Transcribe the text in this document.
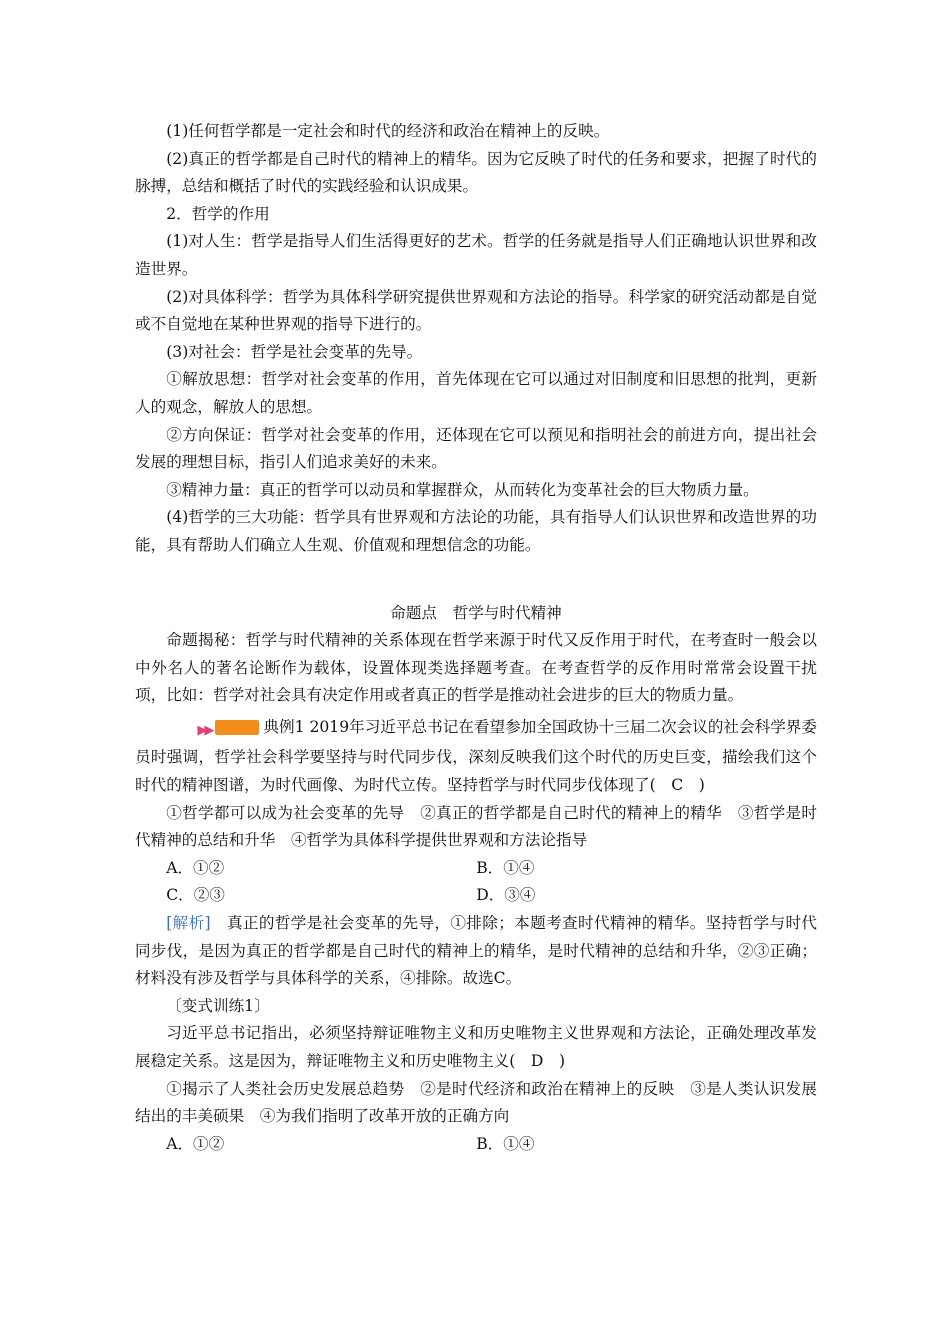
(1)任何哲学都是一定社会和时代的经济和政治在精神上的反映。

(2)真正的哲学都是自己时代的精神上的精华。因为它反映了时代的任务和要求，把握了时代的脉搏，总结和概括了时代的实践经验和认识成果。

2．哲学的作用

(1)对人生：哲学是指导人们生活得更好的艺术。哲学的任务就是指导人们正确地认识世界和改造世界。

(2)对具体科学：哲学为具体科学研究提供世界观和方法论的指导。科学家的研究活动都是自觉或不自觉地在某种世界观的指导下进行的。

(3)对社会：哲学是社会变革的先导。

①解放思想：哲学对社会变革的作用，首先体现在它可以通过对旧制度和旧思想的批判，更新人的观念，解放人的思想。

②方向保证：哲学对社会变革的作用，还体现在它可以预见和指明社会的前进方向，提出社会发展的理想目标，指引人们追求美好的未来。

③精神力量：真正的哲学可以动员和掌握群众，从而转化为变革社会的巨大物质力量。

(4)哲学的三大功能：哲学具有世界观和方法论的功能，具有指导人们认识世界和改造世界的功能，具有帮助人们确立人生观、价值观和理想信念的功能。

命题点　哲学与时代精神

命题揭秘：哲学与时代精神的关系体现在哲学来源于时代又反作用于时代，在考查时一般会以中外名人的著名论断作为载体，设置体现类选择题考查。在考查哲学的反作用时常常会设置干扰项，比如：哲学对社会具有决定作用或者真正的哲学是推动社会进步的巨大的物质力量。

▶▶	典例1 2019年习近平总书记在看望参加全国政协十三届二次会议的社会科学界委员时强调，哲学社会科学要坚持与时代同步伐，深刻反映我们这个时代的历史巨变，描绘我们这个时代的精神图谱，为时代画像、为时代立传。坚持哲学与时代同步伐体现了(　C　)

①哲学都可以成为社会变革的先导　②真正的哲学都是自己时代的精神上的精华　③哲学是时代精神的总结和升华　④哲学为具体科学提供世界观和方法论指导

A．①②	B．①④
C．②③	D．③④

[解析]　真正的哲学是社会变革的先导，①排除；本题考查时代精神的精华。坚持哲学与时代同步伐，是因为真正的哲学都是自己时代的精神上的精华，是时代精神的总结和升华，②③正确；材料没有涉及哲学与具体科学的关系，④排除。故选C。

〔变式训练1〕

习近平总书记指出，必须坚持辩证唯物主义和历史唯物主义世界观和方法论，正确处理改革发展稳定关系。这是因为，辩证唯物主义和历史唯物主义(　D　)

①揭示了人类社会历史发展总趋势　②是时代经济和政治在精神上的反映　③是人类认识发展结出的丰美硕果　④为我们指明了改革开放的正确方向

A．①②	B．①④
